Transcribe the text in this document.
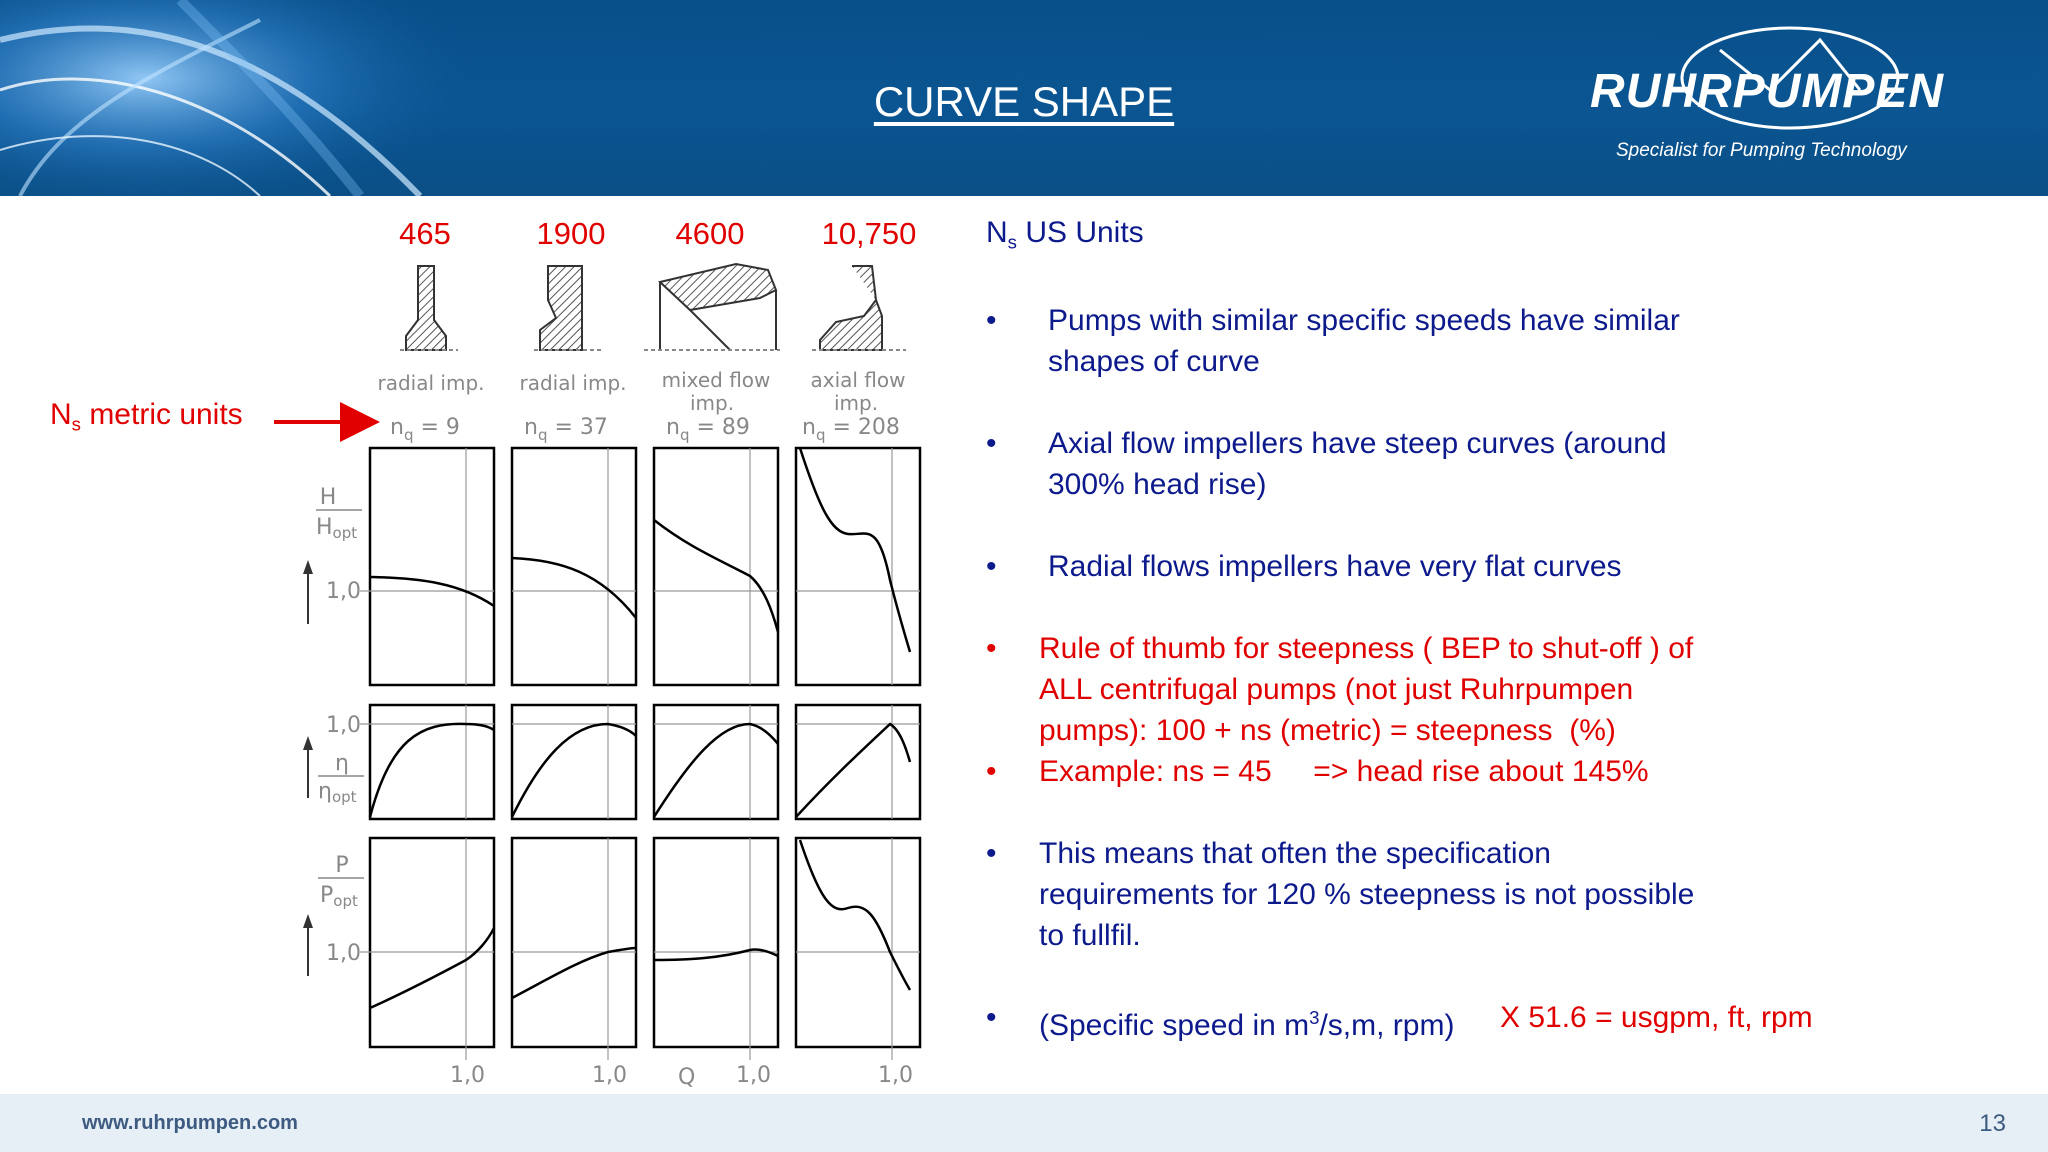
CURVE SHAPE	RUHRPUMPEN
Specialist for Pumping Technology
465	1900	4600	10,750	$N_s$ US Units
$N_s$ metric units
radial imp. radial imp. mixed flow
imp.
axial flow
imp.
$n_q = 9$	$n_q = 37$	$n_q = 89$ $n_q = 208$
H
Hopt
1,0
1,0
η
ηopt
P
Popt
1,0
1,0	1,0 Q 1,0	1,0
•	Pumps with similar specific speeds have similar
shapes of curve
•	Axial flow impellers have steep curves (around
300% head rise)
•	Radial flows impellers have very flat curves
•	Rule of thumb for steepness ( BEP to shut-off ) of
ALL centrifugal pumps (not just Ruhrpumpen
pumps): 100 + ns (metric) = steepness  (%)
•	Example: ns = 45     => head rise about 145%
•	This means that often the specification
requirements for 120 % steepness is not possible
to fullfil.
•	(Specific speed in $m^3/s,m$, rpm) X 51.6 = usgpm, ft, rpm
www.ruhrpumpen.com	13
